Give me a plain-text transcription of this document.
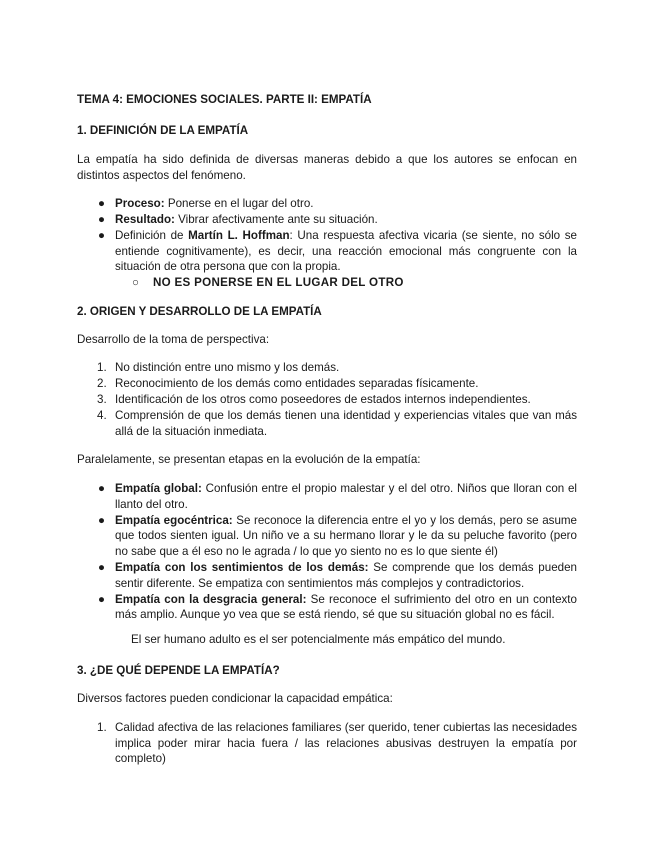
TEMA 4: EMOCIONES SOCIALES. PARTE II: EMPATÍA
1. DEFINICIÓN DE LA EMPATÍA

La empatía ha sido definida de diversas maneras debido a que los autores se enfocan en distintos aspectos del fenómeno.

● Proceso: Ponerse en el lugar del otro.
● Resultado: Vibrar afectivamente ante su situación.
● Definición de Martín L. Hoffman: Una respuesta afectiva vicaria (se siente, no sólo se entiende cognitivamente), es decir, una reacción emocional más congruente con la situación de otra persona que con la propia.
○	NO ES PONERSE EN EL LUGAR DEL OTRO
2. ORIGEN Y DESARROLLO DE LA EMPATÍA

Desarrollo de la toma de perspectiva:

1. No distinción entre uno mismo y los demás.
2. Reconocimiento de los demás como entidades separadas físicamente.
3. Identificación de los otros como poseedores de estados internos independientes.
4. Comprensión de que los demás tienen una identidad y experiencias vitales que van más allá de la situación inmediata.

Paralelamente, se presentan etapas en la evolución de la empatía:

● Empatía global: Confusión entre el propio malestar y el del otro. Niños que lloran con el llanto del otro.
● Empatía egocéntrica: Se reconoce la diferencia entre el yo y los demás, pero se asume que todos sienten igual. Un niño ve a su hermano llorar y le da su peluche favorito (pero no sabe que a él eso no le agrada / lo que yo siento no es lo que siente él)
● Empatía con los sentimientos de los demás: Se comprende que los demás pueden sentir diferente. Se empatiza con sentimientos más complejos y contradictorios.
● Empatía con la desgracia general: Se reconoce el sufrimiento del otro en un contexto más amplio. Aunque yo vea que se está riendo, sé que su situación global no es fácil.
El ser humano adulto es el ser potencialmente más empático del mundo.
3. ¿DE QUÉ DEPENDE LA EMPATÍA?

Diversos factores pueden condicionar la capacidad empática:

1. Calidad afectiva de las relaciones familiares (ser querido, tener cubiertas las necesidades implica poder mirar hacia fuera / las relaciones abusivas destruyen la empatía por completo)
